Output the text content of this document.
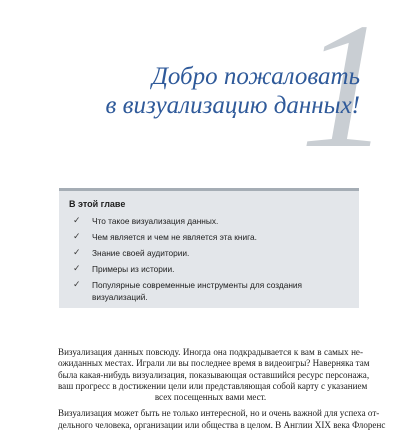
1
Добро пожаловать
в визуализацию данных!
В этой главе
✓ Что такое визуализация данных.
✓ Чем является и чем не является эта книга.
✓ Знание своей аудитории.
✓ Примеры из истории.
✓ Популярные современные инструменты для создания визуализаций.

Визуализация данных повсюду. Иногда она подкрадывается к вам в самых не-
ожиданных местах. Играли ли вы последнее время в видеоигры? Наверняка там
была какая-нибудь визуализация, показывающая оставшийся ресурс персонажа,
ваш прогресс в достижении цели или представляющая собой карту с указанием
всех посещенных вами мест.

Визуализация может быть не только интересной, но и очень важной для успеха от-
дельного человека, организации или общества в целом. В Англии XIX века Флоренс
